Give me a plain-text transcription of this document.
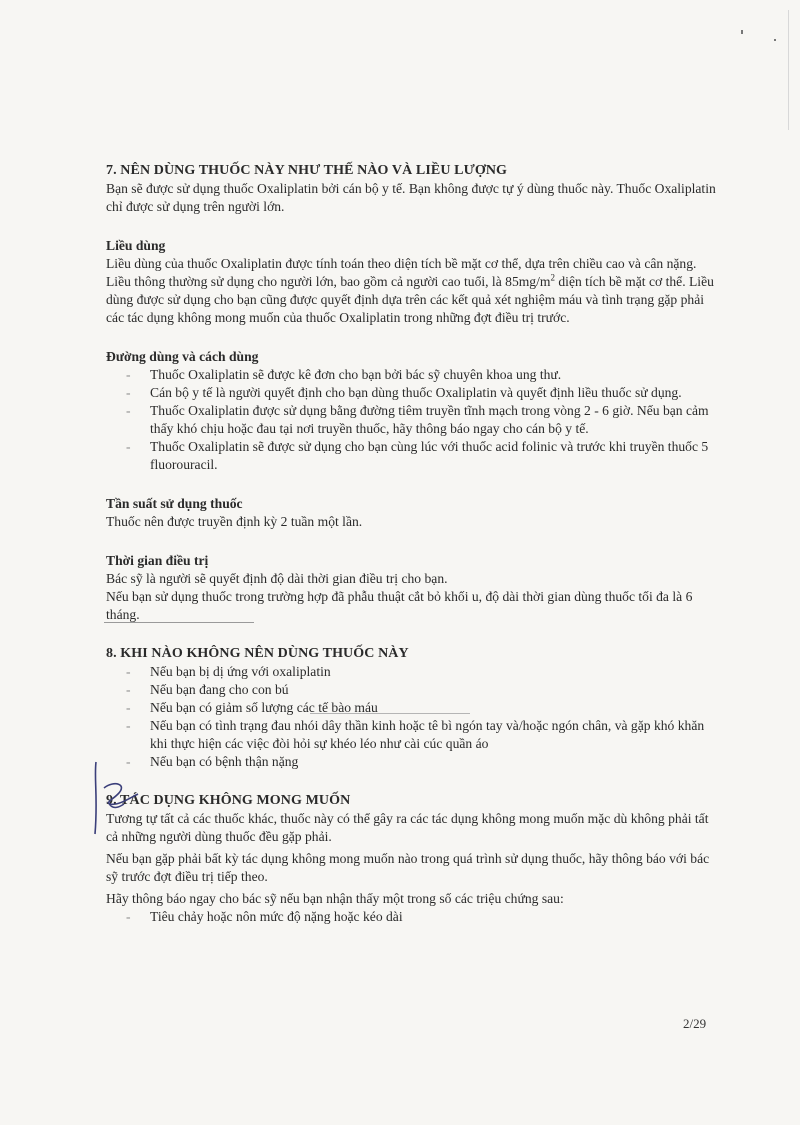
7. NÊN DÙNG THUỐC NÀY NHƯ THẾ NÀO VÀ LIỀU LƯỢNG

Bạn sẽ được sử dụng thuốc Oxaliplatin bởi cán bộ y tế. Bạn không được tự ý dùng thuốc này. Thuốc Oxaliplatin chỉ được sử dụng trên người lớn.

Liều dùng

Liều dùng của thuốc Oxaliplatin được tính toán theo diện tích bề mặt cơ thể, dựa trên chiều cao và cân nặng.

Liều thông thường sử dụng cho người lớn, bao gồm cả người cao tuổi, là $85mg/m^2$ diện tích bề mặt cơ thể. Liều dùng được sử dụng cho bạn cũng được quyết định dựa trên các kết quả xét nghiệm máu và tình trạng gặp phải các tác dụng không mong muốn của thuốc Oxaliplatin trong những đợt điều trị trước.

Đường dùng và cách dùng
- Thuốc Oxaliplatin sẽ được kê đơn cho bạn bởi bác sỹ chuyên khoa ung thư.
- Cán bộ y tế là người quyết định cho bạn dùng thuốc Oxaliplatin và quyết định liều thuốc sử dụng.
- Thuốc Oxaliplatin được sử dụng bằng đường tiêm truyền tĩnh mạch trong vòng 2 - 6 giờ. Nếu bạn cảm thấy khó chịu hoặc đau tại nơi truyền thuốc, hãy thông báo ngay cho cán bộ y tế.
- Thuốc Oxaliplatin sẽ được sử dụng cho bạn cùng lúc với thuốc acid folinic và trước khi truyền thuốc 5 fluorouracil.
Tần suất sử dụng thuốc

Thuốc nên được truyền định kỳ 2 tuần một lần.

Thời gian điều trị

Bác sỹ là người sẽ quyết định độ dài thời gian điều trị cho bạn.

Nếu bạn sử dụng thuốc trong trường hợp đã phẫu thuật cắt bỏ khối u, độ dài thời gian dùng thuốc tối đa là 6 tháng.

8. KHI NÀO KHÔNG NÊN DÙNG THUỐC NÀY
- Nếu bạn bị dị ứng với oxaliplatin
- Nếu bạn đang cho con bú
- Nếu bạn có giảm số lượng các tế bào máu
- Nếu bạn có tình trạng đau nhói dây thần kinh hoặc tê bì ngón tay và/hoặc ngón chân, và gặp khó khăn khi thực hiện các việc đòi hỏi sự khéo léo như cài cúc quần áo
- Nếu bạn có bệnh thận nặng
9. TÁC DỤNG KHÔNG MONG MUỐN

Tương tự tất cả các thuốc khác, thuốc này có thể gây ra các tác dụng không mong muốn mặc dù không phải tất cả những người dùng thuốc đều gặp phải.

Nếu bạn gặp phải bất kỳ tác dụng không mong muốn nào trong quá trình sử dụng thuốc, hãy thông báo với bác sỹ trước đợt điều trị tiếp theo.

Hãy thông báo ngay cho bác sỹ nếu bạn nhận thấy một trong số các triệu chứng sau:

- Tiêu chảy hoặc nôn mức độ nặng hoặc kéo dài
2/29
